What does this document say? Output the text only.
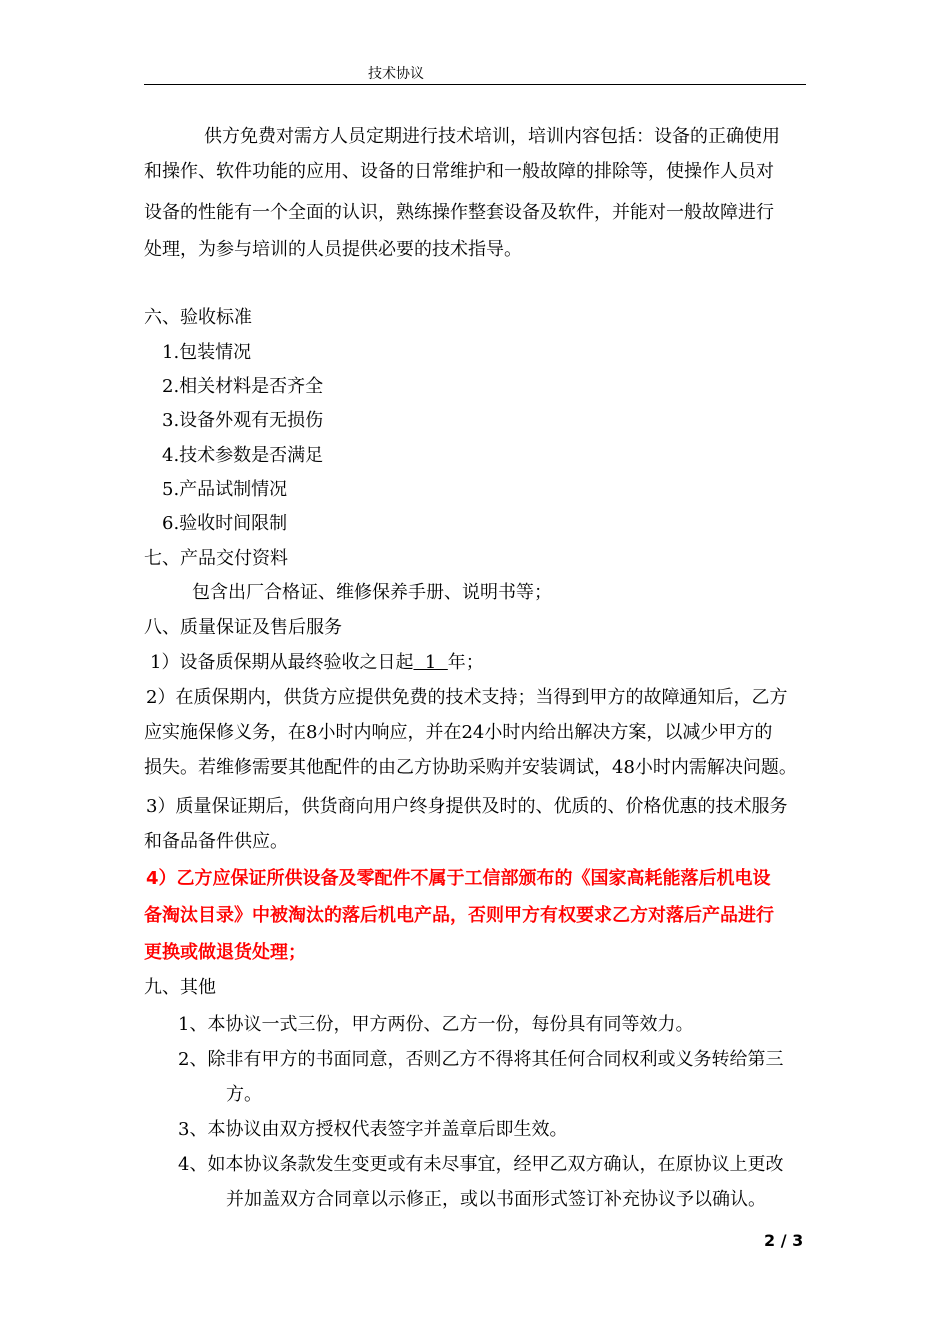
技术协议
供方免费对需方人员定期进行技术培训，培训内容包括：设备的正确使用
和操作、软件功能的应用、设备的日常维护和一般故障的排除等，使操作人员对
设备的性能有一个全面的认识，熟练操作整套设备及软件，并能对一般故障进行
处理，为参与培训的人员提供必要的技术指导。
六、验收标准
1.包装情况
2.相关材料是否齐全
3.设备外观有无损伤
4.技术参数是否满足
5.产品试制情况
6.验收时间限制
七、产品交付资料
包含出厂合格证、维修保养手册、说明书等；
八、质量保证及售后服务
1）设备质保期从最终验收之日起  1  年；
2）在质保期内，供货方应提供免费的技术支持；当得到甲方的故障通知后，乙方
应实施保修义务，在8小时内响应，并在24小时内给出解决方案，以减少甲方的
损失。若维修需要其他配件的由乙方协助采购并安装调试，48小时内需解决问题。
3）质量保证期后，供货商向用户终身提供及时的、优质的、价格优惠的技术服务
和备品备件供应。
4）乙方应保证所供设备及零配件不属于工信部颁布的《国家高耗能落后机电设
备淘汰目录》中被淘汰的落后机电产品，否则甲方有权要求乙方对落后产品进行
更换或做退货处理；
九、其他
1、本协议一式三份，甲方两份、乙方一份，每份具有同等效力。
2、除非有甲方的书面同意，否则乙方不得将其任何合同权利或义务转给第三
方。
3、本协议由双方授权代表签字并盖章后即生效。
4、如本协议条款发生变更或有未尽事宜，经甲乙双方确认，在原协议上更改
并加盖双方合同章以示修正，或以书面形式签订补充协议予以确认。
2 / 3
